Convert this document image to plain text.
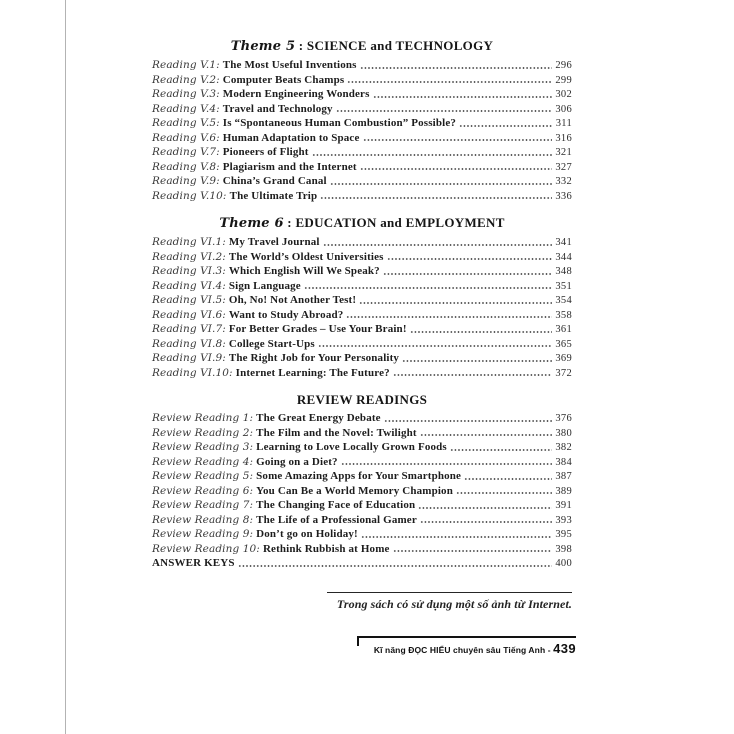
Theme 5 : SCIENCE and TECHNOLOGY
Reading V.1: The Most Useful Inventions	296
Reading V.2: Computer Beats Champs	299
Reading V.3: Modern Engineering Wonders	302
Reading V.4: Travel and Technology	306
Reading V.5: Is “Spontaneous Human Combustion” Possible?	311
Reading V.6: Human Adaptation to Space	316
Reading V.7: Pioneers of Flight	321
Reading V.8: Plagiarism and the Internet	327
Reading V.9: China’s Grand Canal	332
Reading V.10: The Ultimate Trip	336
Theme 6 : EDUCATION and EMPLOYMENT
Reading VI.1: My Travel Journal	341
Reading VI.2: The World’s Oldest Universities	344
Reading VI.3: Which English Will We Speak?	348
Reading VI.4: Sign Language	351
Reading VI.5: Oh, No! Not Another Test!	354
Reading VI.6: Want to Study Abroad?	358
Reading VI.7: For Better Grades – Use Your Brain!	361
Reading VI.8: College Start-Ups	365
Reading VI.9: The Right Job for Your Personality	369
Reading VI.10: Internet Learning: The Future?	372
REVIEW READINGS
Review Reading 1: The Great Energy Debate	376
Review Reading 2: The Film and the Novel: Twilight	380
Review Reading 3: Learning to Love Locally Grown Foods	382
Review Reading 4: Going on a Diet?	384
Review Reading 5: Some Amazing Apps for Your Smartphone	387
Review Reading 6: You Can Be a World Memory Champion	389
Review Reading 7: The Changing Face of Education	391
Review Reading 8: The Life of a Professional Gamer	393
Review Reading 9: Don’t go on Holiday!	395
Review Reading 10: Rethink Rubbish at Home	398
ANSWER KEYS	400
Trong sách có sử dụng một số ảnh từ Internet.
Kĩ năng ĐỌC HIỂU chuyên sâu Tiếng Anh - 439
